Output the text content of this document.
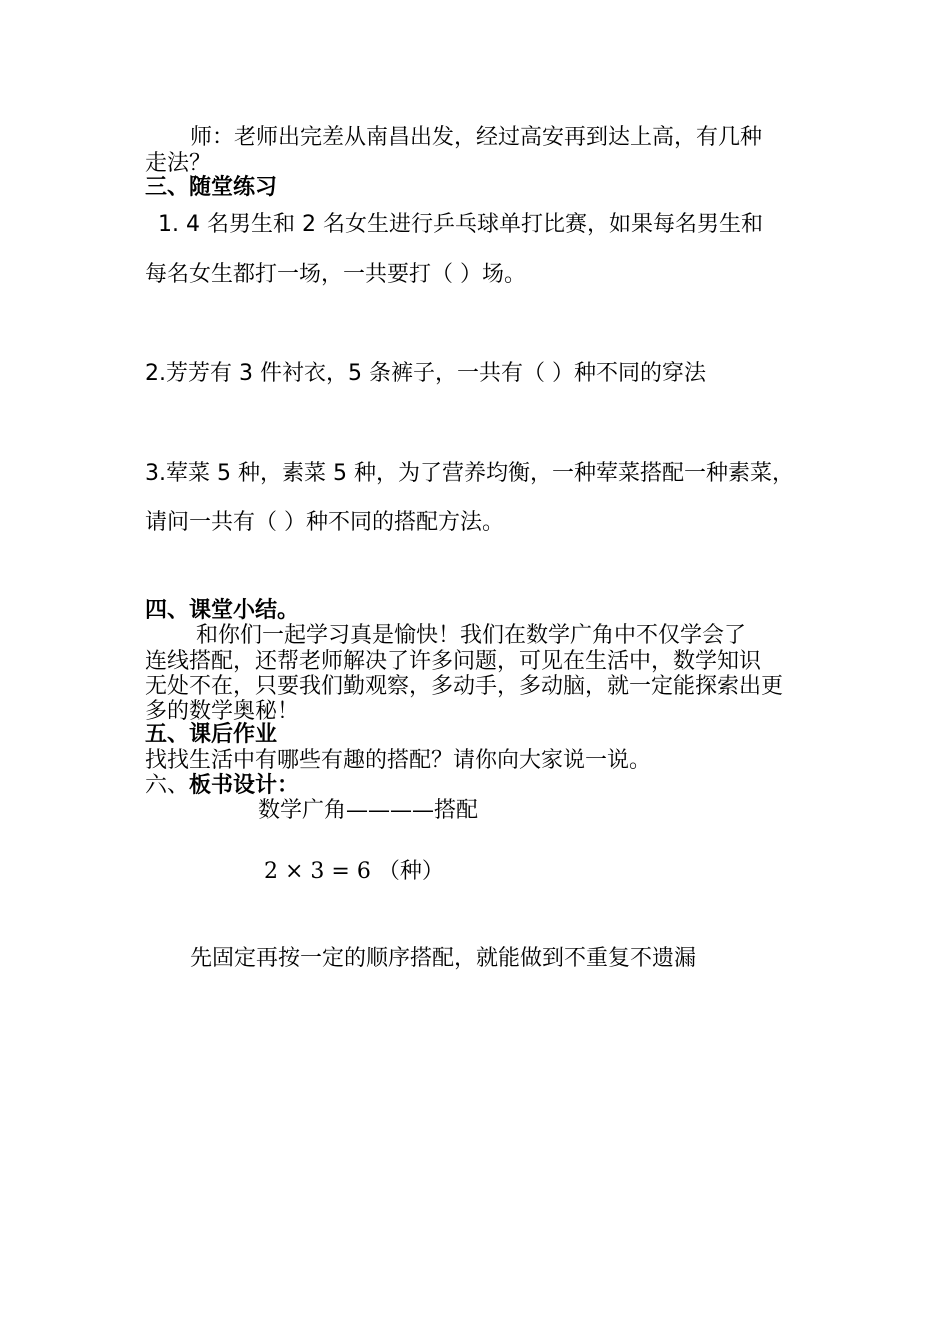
师：老师出完差从南昌出发，经过高安再到达上高，有几种
走法？
三、随堂练习
1. 4 名男生和 2 名女生进行乒乓球单打比赛，如果每名男生和
每名女生都打一场，一共要打（ ）场。
2.芳芳有 3 件衬衣，5 条裤子，一共有（ ）种不同的穿法
3.荤菜 5 种，素菜 5 种，为了营养均衡，一种荤菜搭配一种素菜，
请问一共有（ ）种不同的搭配方法。
四、课堂小结。
和你们一起学习真是愉快！我们在数学广角中不仅学会了
连线搭配，还帮老师解决了许多问题，可见在生活中，数学知识
无处不在，只要我们勤观察，多动手，多动脑，就一定能探索出更
多的数学奥秘！
五、课后作业
找找生活中有哪些有趣的搭配？请你向大家说一说。
六、板书设计：
数学广角————搭配
2 × 3 = 6 （种）
先固定再按一定的顺序搭配，就能做到不重复不遗漏
